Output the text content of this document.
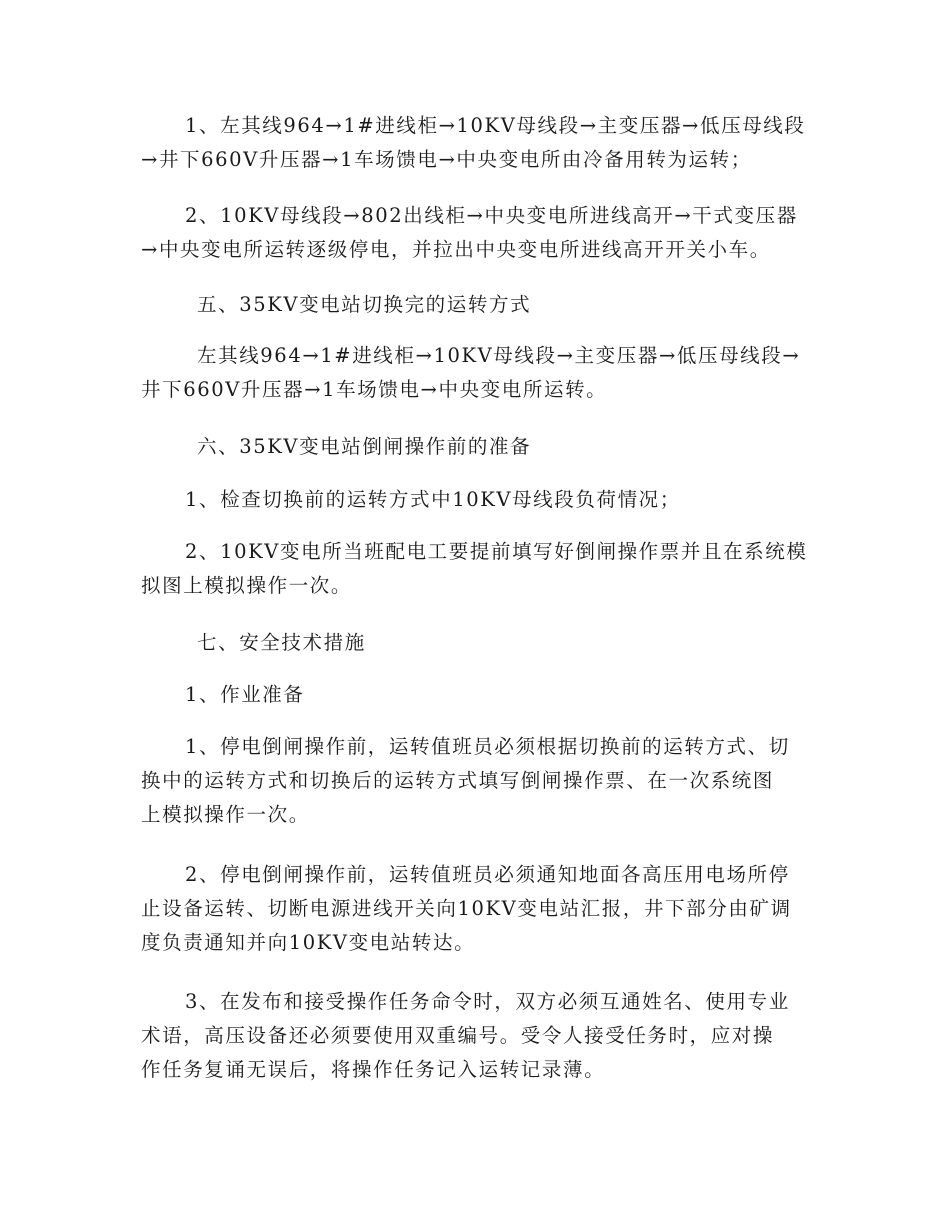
1、左其线964→1#进线柜→10KV母线段→主变压器→低压母线段
→井下660V升压器→1车场馈电→中央变电所由冷备用转为运转；
2、10KV母线段→802出线柜→中央变电所进线高开→干式变压器
→中央变电所运转逐级停电，并拉出中央变电所进线高开开关小车。
五、35KV变电站切换完的运转方式
左其线964→1#进线柜→10KV母线段→主变压器→低压母线段→
井下660V升压器→1车场馈电→中央变电所运转。
六、35KV变电站倒闸操作前的准备
1、检查切换前的运转方式中10KV母线段负荷情况；
2、10KV变电所当班配电工要提前填写好倒闸操作票并且在系统模
拟图上模拟操作一次。
七、安全技术措施
1、作业准备
1、停电倒闸操作前，运转值班员必须根据切换前的运转方式、切
换中的运转方式和切换后的运转方式填写倒闸操作票、在一次系统图
上模拟操作一次。
2、停电倒闸操作前，运转值班员必须通知地面各高压用电场所停
止设备运转、切断电源进线开关向10KV变电站汇报，井下部分由矿调
度负责通知并向10KV变电站转达。
3、在发布和接受操作任务命令时，双方必须互通姓名、使用专业
术语，高压设备还必须要使用双重编号。受令人接受任务时，应对操
作任务复诵无误后，将操作任务记入运转记录薄。
